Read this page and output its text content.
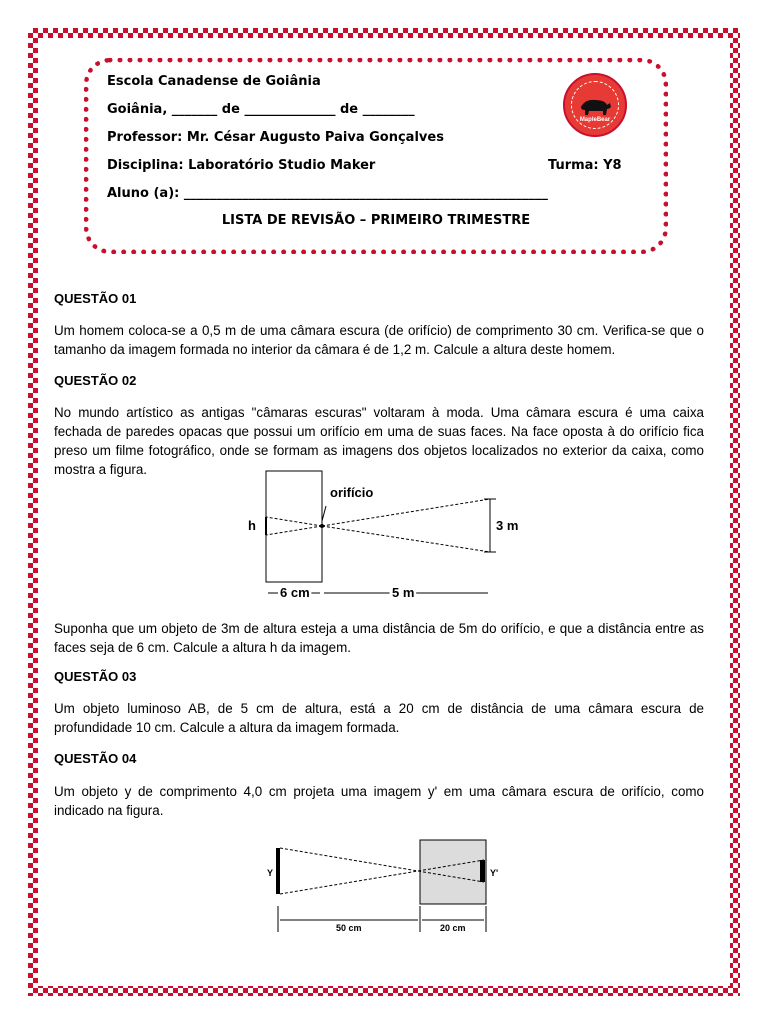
Escola Canadense de Goiânia
Goiânia, _______ de ______________ de ________
Professor: Mr. César Augusto Paiva Gonçalves
Disciplina: Laboratório Studio Maker	Turma: Y8
Aluno (a): ________________________________________________________
LISTA DE REVISÃO – PRIMEIRO TRIMESTRE
MapleBear
QUESTÃO 01
Um homem coloca-se a 0,5 m de uma câmara escura (de orifício) de comprimento 30 cm. Verifica-se que o tamanho da imagem formada no interior da câmara é de 1,2 m. Calcule a altura deste homem.
QUESTÃO 02
No mundo artístico as antigas "câmaras escuras" voltaram à moda. Uma câmara escura é uma caixa fechada de paredes opacas que possui um orifício em uma de suas faces. Na face oposta à do orifício fica preso um filme fotográfico, onde se formam as imagens dos objetos localizados no exterior da caixa, como mostra a figura.
orifício
h	3 m
6 cm	5 m
Suponha que um objeto de 3m de altura esteja a uma distância de 5m do orifício, e que a distância entre as faces seja de 6 cm. Calcule a altura h da imagem.
QUESTÃO 03
Um objeto luminoso AB, de 5 cm de altura, está a 20 cm de distância de uma câmara escura de profundidade 10 cm. Calcule a altura da imagem formada.
QUESTÃO 04
Um objeto y de comprimento 4,0 cm projeta uma imagem y' em uma câmara escura de orifício, como indicado na figura.
Y	Y'
50 cm	20 cm
